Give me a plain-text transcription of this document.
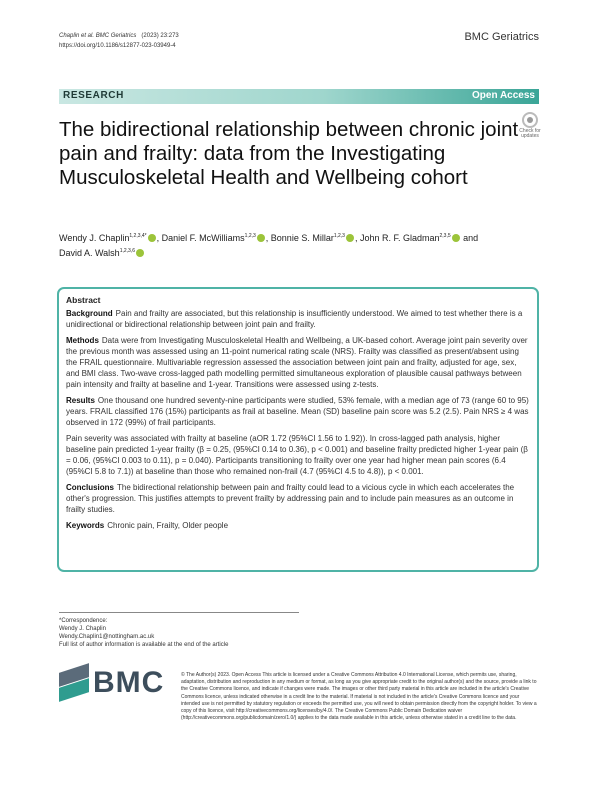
Chaplin et al. BMC Geriatrics (2023) 23:273
https://doi.org/10.1186/s12877-023-03949-4
BMC Geriatrics
RESEARCH	Open Access
The bidirectional relationship between chronic joint pain and frailty: data from the Investigating Musculoskeletal Health and Wellbeing cohort
Check for updates
Wendy J. Chaplin$^{1,2,3,4*}$ , Daniel F. McWilliams$^{1,2,3}$ , Bonnie S. Millar$^{1,2,3}$ , John R. F. Gladman$^{2,3,5}$ and
David A. Walsh$^{1,2,3,6}$
Abstract

Background Pain and frailty are associated, but this relationship is insufficiently understood. We aimed to test whether there is a unidirectional or bidirectional relationship between joint pain and frailty.

Methods Data were from Investigating Musculoskeletal Health and Wellbeing, a UK-based cohort. Average joint pain severity over the previous month was assessed using an 11-point numerical rating scale (NRS). Frailty was classified as present/absent using the FRAIL questionnaire. Multivariable regression assessed the association between joint pain and frailty, adjusted for age, sex, and BMI class. Two-wave cross-lagged path modelling permitted simultaneous exploration of plausible causal pathways between pain intensity and frailty at baseline and 1-year. Transitions were assessed using z-tests.

Results One thousand one hundred seventy-nine participants were studied, 53% female, with a median age of 73 (range 60 to 95) years. FRAIL classified 176 (15%) participants as frail at baseline. Mean (SD) baseline pain score was 5.2 (2.5). Pain NRS ≥ 4 was observed in 172 (99%) of frail participants.

Pain severity was associated with frailty at baseline (aOR 1.72 (95%CI 1.56 to 1.92)). In cross-lagged path analysis, higher baseline pain predicted 1-year frailty (β = 0.25, (95%CI 0.14 to 0.36), p < 0.001) and baseline frailty predicted higher 1-year pain (β = 0.06, (95%CI 0.003 to 0.11), p = 0.040). Participants transitioning to frailty over one year had higher mean pain scores (6.4 (95%CI 5.8 to 7.1)) at baseline than those who remained non-frail (4.7 (95%CI 4.5 to 4.8)), p < 0.001.

Conclusions The bidirectional relationship between pain and frailty could lead to a vicious cycle in which each accelerates the other's progression. This justifies attempts to prevent frailty by addressing pain and to include pain measures as an outcome in frailty studies.

Keywords Chronic pain, Frailty, Older people

*Correspondence:
Wendy J. Chaplin
Wendy.Chaplin1@nottingham.ac.uk
Full list of author information is available at the end of the article
BMC	© The Author(s) 2023. Open Access This article is licensed under a Creative Commons Attribution 4.0 International License, which permits use, sharing, adaptation, distribution and reproduction in any medium or format, as long as you give appropriate credit to the original author(s) and the source, provide a link to the Creative Commons licence, and indicate if changes were made. The images or other third party material in this article are included in the article's Creative Commons licence, unless indicated otherwise in a credit line to the material. If material is not included in the article's Creative Commons licence and your intended use is not permitted by statutory regulation or exceeds the permitted use, you will need to obtain permission directly from the copyright holder. To view a copy of this licence, visit http://creativecommons.org/licenses/by/4.0/. The Creative Commons Public Domain Dedication waiver (http://creativecommons.org/publicdomain/zero/1.0/) applies to the data made available in this article, unless otherwise stated in a credit line to the data.
